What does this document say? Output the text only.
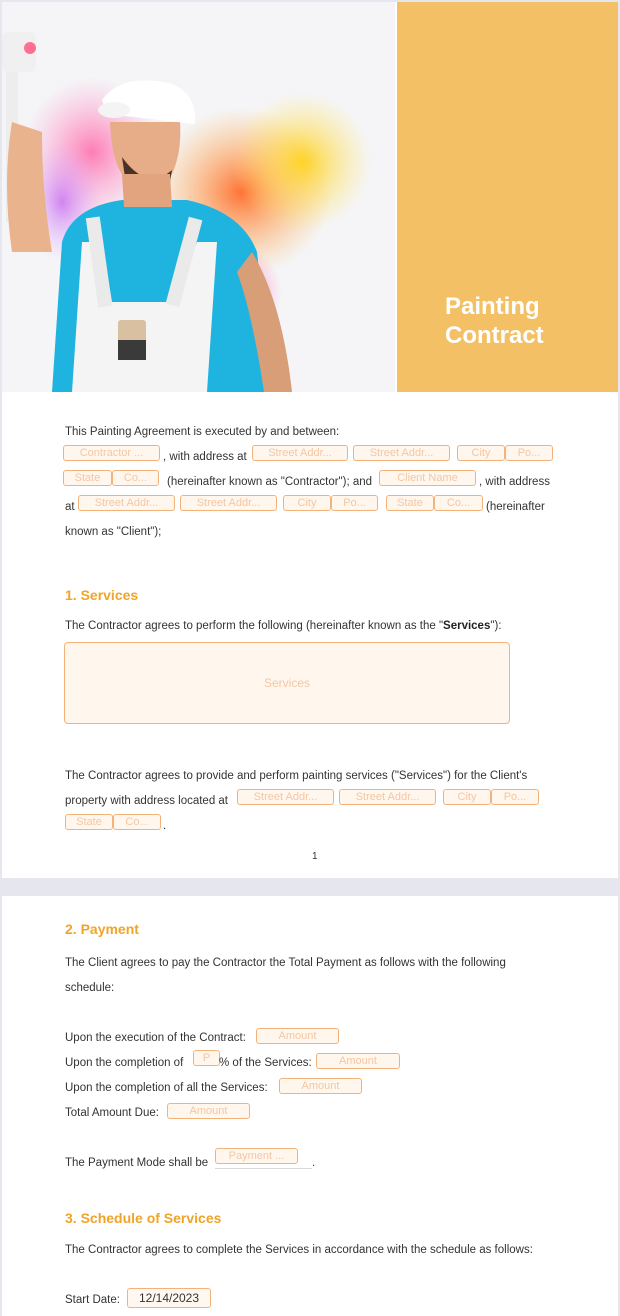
Painting
Contract
This Painting Agreement is executed by and between:
Contractor ...	, with address at	Street Addr...	Street Addr...	City	Po...
State	Co...	(hereinafter known as "Contractor"); and	Client Name	, with address
at	Street Addr...	Street Addr...	City	Po...	State	Co...	(hereinafter
known as "Client");
1. Services
The Contractor agrees to perform the following (hereinafter known as the "Services"):
Services
The Contractor agrees to provide and perform painting services ("Services") for the Client's
property with address located at	Street Addr...	Street Addr...	City	Po...
State	Co...	.
1
2. Payment
The Client agrees to pay the Contractor the Total Payment as follows with the following
schedule:
Upon the execution of the Contract:	Amount
Upon the completion of	P % of the Services:	Amount
Upon the completion of all the Services:	Amount
Total Amount Due:	Amount
The Payment Mode shall be
Payment ...
.
3. Schedule of Services
The Contractor agrees to complete the Services in accordance with the schedule as follows:
Start Date:	12/14/2023
